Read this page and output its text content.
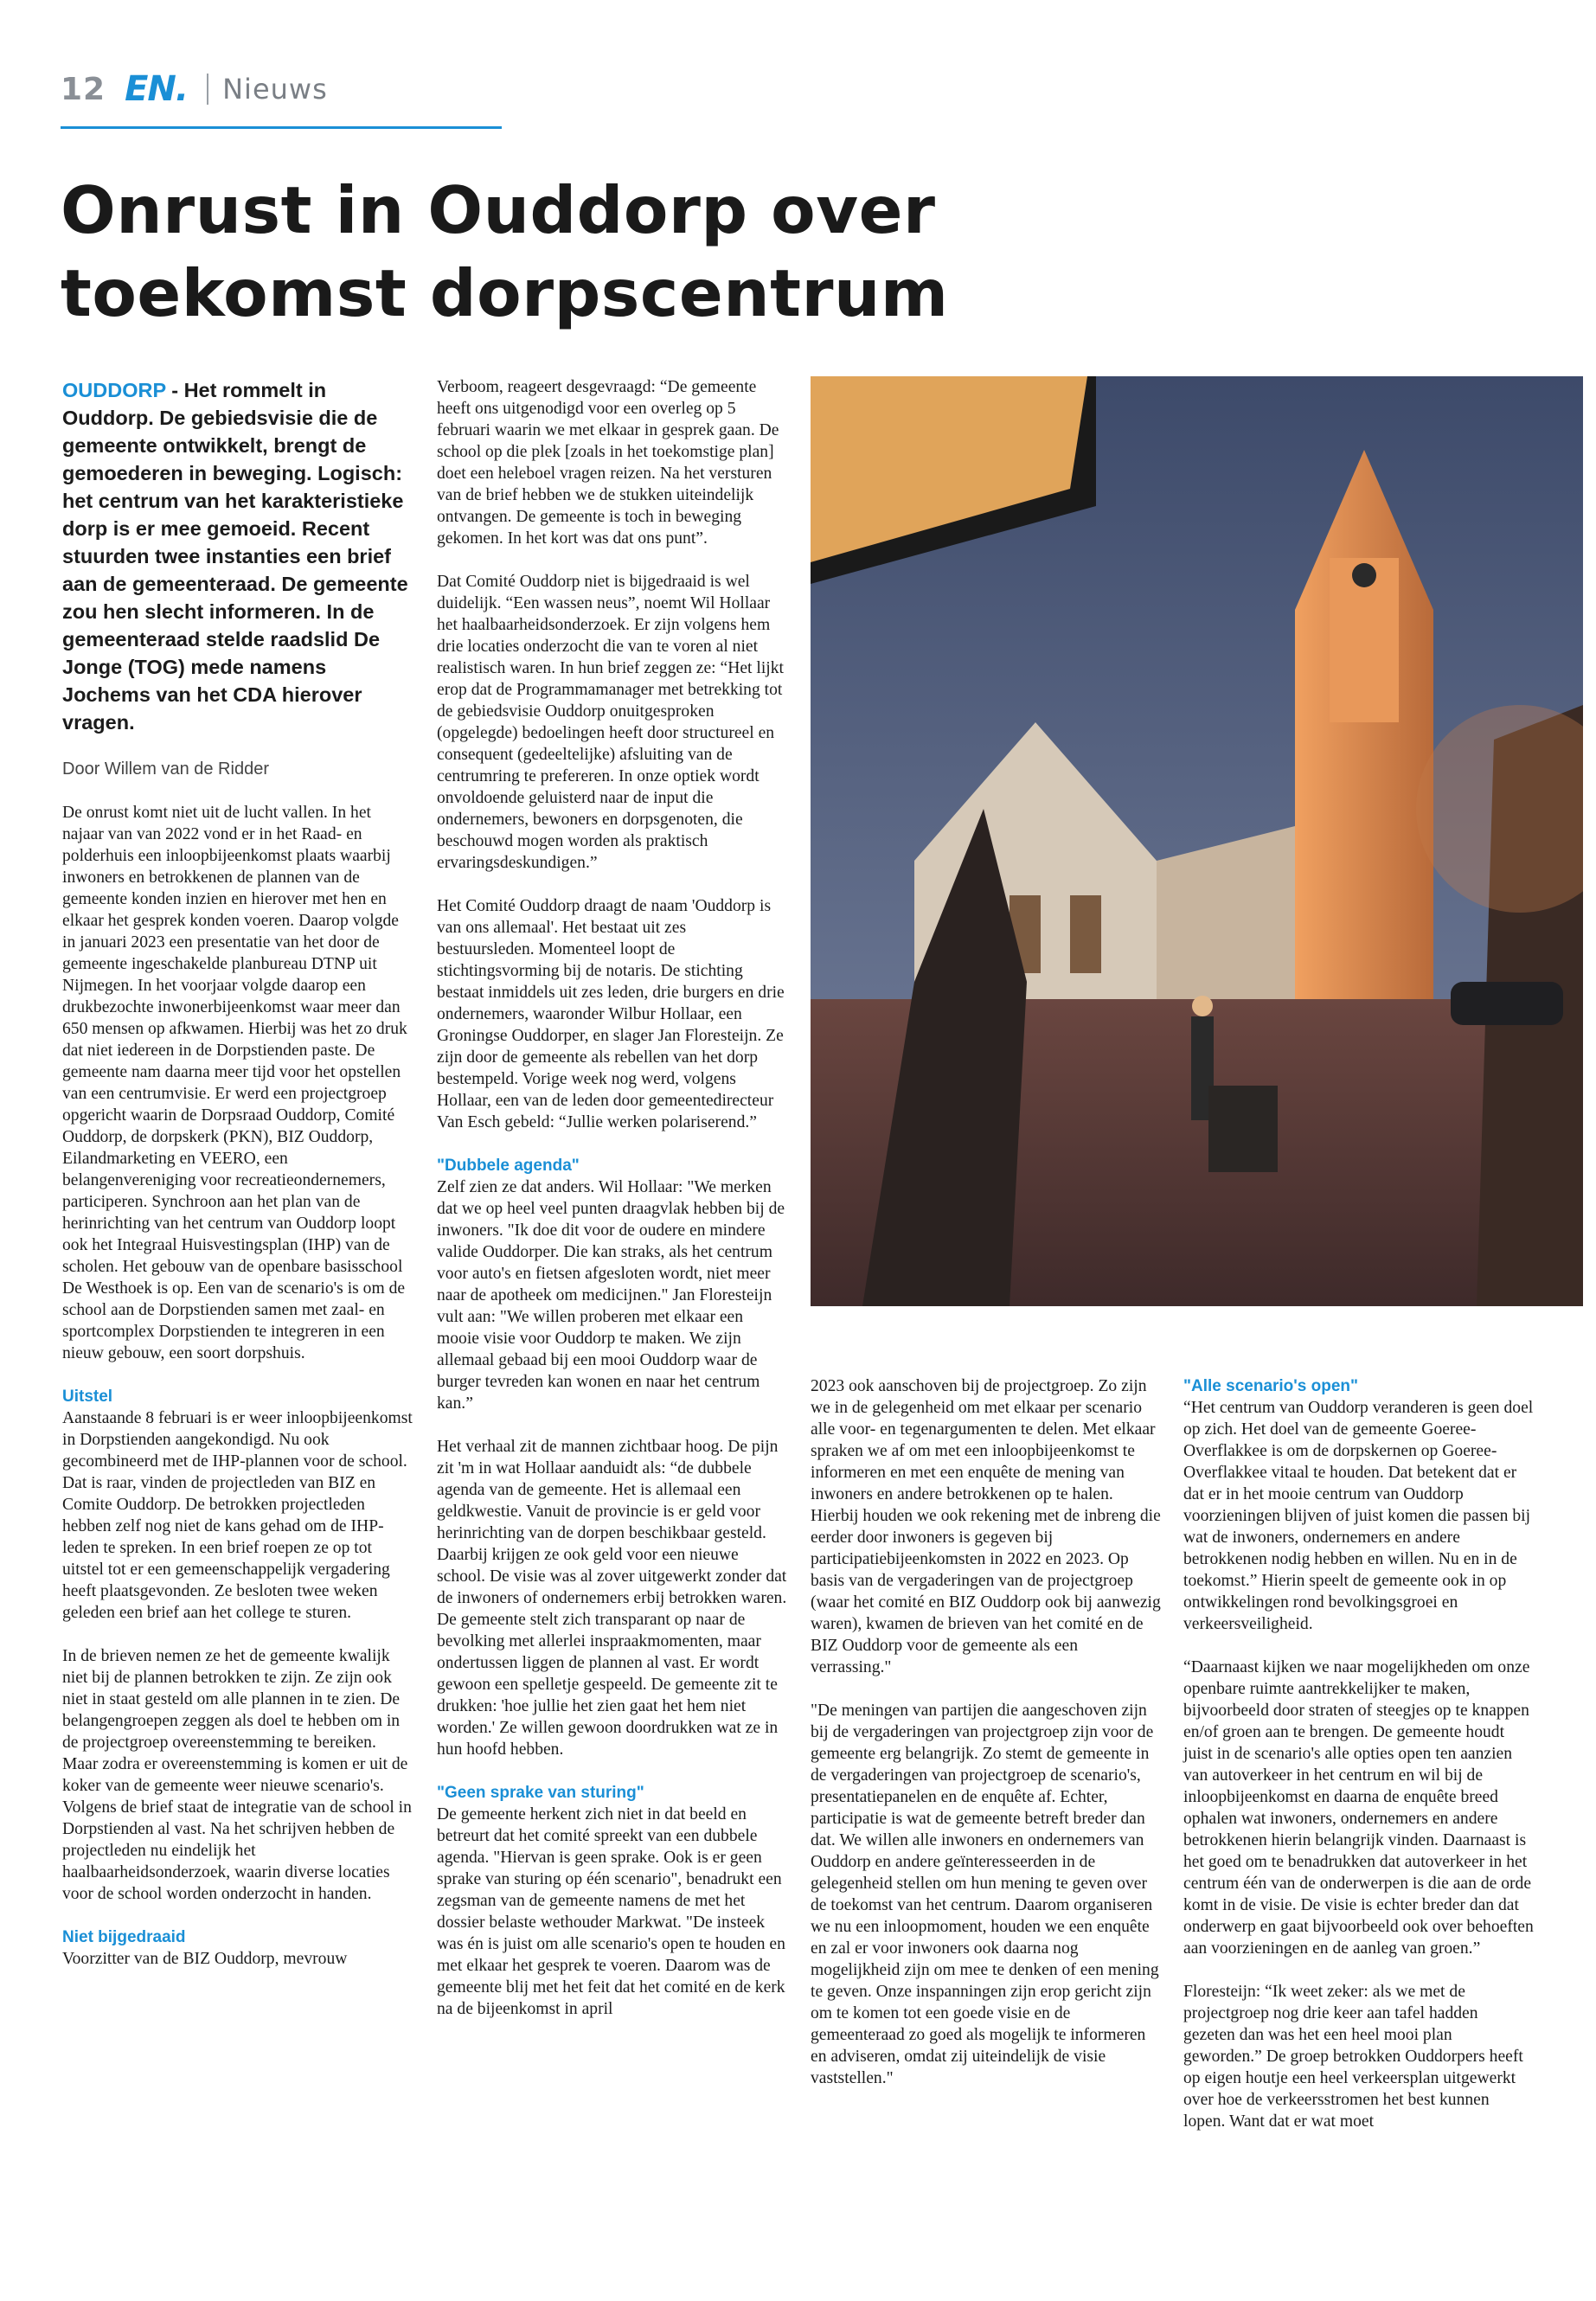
12 EN. Nieuws
Onrust in Ouddorp over
toekomst dorpscentrum
OUDDORP - Het rommelt in Ouddorp. De gebiedsvisie die de gemeente ontwikkelt, brengt de gemoederen in beweging. Logisch: het centrum van het karakteristieke dorp is er mee gemoeid. Recent stuurden twee instanties een brief aan de gemeenteraad. De gemeente zou hen slecht informeren. In de gemeenteraad stelde raadslid De Jonge (TOG) mede namens Jochems van het CDA hierover vragen.

Door Willem van de Ridder

De onrust komt niet uit de lucht vallen. In het najaar van van 2022 vond er in het Raad- en polderhuis een inloopbijeenkomst plaats waarbij inwoners en betrokkenen de plannen van de gemeente konden inzien en hierover met hen en elkaar het gesprek konden voeren. Daarop volgde in januari 2023 een presentatie van het door de gemeente ingeschakelde planbureau DTNP uit Nijmegen. In het voorjaar volgde daarop een drukbezochte inwonerbijeenkomst waar meer dan 650 mensen op afkwamen. Hierbij was het zo druk dat niet iedereen in de Dorpstienden paste. De gemeente nam daarna meer tijd voor het opstellen van een centrumvisie. Er werd een projectgroep opgericht waarin de Dorpsraad Ouddorp, Comité Ouddorp, de dorpskerk (PKN), BIZ Ouddorp, Eilandmarketing en VEERO, een belangenvereniging voor recreatieondernemers, participeren. Synchroon aan het plan van de herinrichting van het centrum van Ouddorp loopt ook het Integraal Huisvestingsplan (IHP) van de scholen. Het gebouw van de openbare basisschool De Westhoek is op. Een van de scenario's is om de school aan de Dorpstienden samen met zaal- en sportcomplex Dorpstienden te integreren in een nieuw gebouw, een soort dorpshuis.

Uitstel

Aanstaande 8 februari is er weer inloopbijeenkomst in Dorpstienden aangekondigd. Nu ook gecombineerd met de IHP-plannen voor de school. Dat is raar, vinden de projectleden van BIZ en Comite Ouddorp. De betrokken projectleden hebben zelf nog niet de kans gehad om de IHP-leden te spreken. In een brief roepen ze op tot uitstel tot er een gemeenschappelijk vergadering heeft plaatsgevonden. Ze besloten twee weken geleden een brief aan het college te sturen.

In de brieven nemen ze het de gemeente kwalijk niet bij de plannen betrokken te zijn. Ze zijn ook niet in staat gesteld om alle plannen in te zien. De belangengroepen zeggen als doel te hebben om in de projectgroep overeenstemming te bereiken. Maar zodra er overeenstemming is komen er uit de koker van de gemeente weer nieuwe scenario's. Volgens de brief staat de integratie van de school in Dorpstienden al vast. Na het schrijven hebben de projectleden nu eindelijk het haalbaarheidsonderzoek, waarin diverse locaties voor de school worden onderzocht in handen.

Niet bijgedraaid

Voorzitter van de BIZ Ouddorp, mevrouw

Verboom, reageert desgevraagd: “De gemeente heeft ons uitgenodigd voor een overleg op 5 februari waarin we met elkaar in gesprek gaan. De school op die plek [zoals in het toekomstige plan] doet een heleboel vragen reizen. Na het versturen van de brief hebben we de stukken uiteindelijk ontvangen. De gemeente is toch in beweging gekomen. In het kort was dat ons punt”.

Dat Comité Ouddorp niet is bijgedraaid is wel duidelijk. “Een wassen neus”, noemt Wil Hollaar het haalbaarheidsonderzoek. Er zijn volgens hem drie locaties onderzocht die van te voren al niet realistisch waren. In hun brief zeggen ze: “Het lijkt erop dat de Programmamanager met betrekking tot de gebiedsvisie Ouddorp onuitgesproken (opgelegde) bedoelingen heeft door structureel en consequent (gedeeltelijke) afsluiting van de centrumring te prefereren. In onze optiek wordt onvoldoende geluisterd naar de input die ondernemers, bewoners en dorpsgenoten, die beschouwd mogen worden als praktisch ervaringsdeskundigen.”

Het Comité Ouddorp draagt de naam 'Ouddorp is van ons allemaal'. Het bestaat uit zes bestuursleden. Momenteel loopt de stichtingsvorming bij de notaris. De stichting bestaat inmiddels uit zes leden, drie burgers en drie ondernemers, waaronder Wilbur Hollaar, een Groningse Ouddorper, en slager Jan Floresteijn. Ze zijn door de gemeente als rebellen van het dorp bestempeld. Vorige week nog werd, volgens Hollaar, een van de leden door gemeentedirecteur Van Esch gebeld: “Jullie werken polariserend.”

"Dubbele agenda"

Zelf zien ze dat anders. Wil Hollaar: "We merken dat we op heel veel punten draagvlak hebben bij de inwoners. "Ik doe dit voor de oudere en mindere valide Ouddorper. Die kan straks, als het centrum voor auto's en fietsen afgesloten wordt, niet meer naar de apotheek om medicijnen." Jan Floresteijn vult aan: "We willen proberen met elkaar een mooie visie voor Ouddorp te maken. We zijn allemaal gebaad bij een mooi Ouddorp waar de burger tevreden kan wonen en naar het centrum kan.”

Het verhaal zit de mannen zichtbaar hoog. De pijn zit 'm in wat Hollaar aanduidt als: “de dubbele agenda van de gemeente. Het is allemaal een geldkwestie. Vanuit de provincie is er geld voor herinrichting van de dorpen beschikbaar gesteld. Daarbij krijgen ze ook geld voor een nieuwe school. De visie was al zover uitgewerkt zonder dat de inwoners of ondernemers erbij betrokken waren. De gemeente stelt zich transparant op naar de bevolking met allerlei inspraakmomenten, maar ondertussen liggen de plannen al vast. Er wordt gewoon een spelletje gespeeld. De gemeente zit te drukken: 'hoe jullie het zien gaat het hem niet worden.' Ze willen gewoon doordrukken wat ze in hun hoofd hebben.

"Geen sprake van sturing"

De gemeente herkent zich niet in dat beeld en betreurt dat het comité spreekt van een dubbele agenda. "Hiervan is geen sprake. Ook is er geen sprake van sturing op één scenario", benadrukt een zegsman van de gemeente namens de met het dossier belaste wethouder Markwat. "De insteek was én is juist om alle scenario's open te houden en met elkaar het gesprek te voeren. Daarom was de gemeente blij met het feit dat het comité en de kerk na de bijeenkomst in april

2023 ook aanschoven bij de projectgroep. Zo zijn we in de gelegenheid om met elkaar per scenario alle voor- en tegenargumenten te delen. Met elkaar spraken we af om met een inloopbijeenkomst te informeren en met een enquête de mening van inwoners en andere betrokkenen op te halen. Hierbij houden we ook rekening met de inbreng die eerder door inwoners is gegeven bij participatiebijeenkomsten in 2022 en 2023. Op basis van de vergaderingen van de projectgroep (waar het comité en BIZ Ouddorp ook bij aanwezig waren), kwamen de brieven van het comité en de BIZ Ouddorp voor de gemeente als een verrassing."

"De meningen van partijen die aangeschoven zijn bij de vergaderingen van projectgroep zijn voor de gemeente erg belangrijk. Zo stemt de gemeente in de vergaderingen van projectgroep de scenario's, presentatiepanelen en de enquête af. Echter, participatie is wat de gemeente betreft breder dan dat. We willen alle inwoners en ondernemers van Ouddorp en andere geïnteresseerden in de gelegenheid stellen om hun mening te geven over de toekomst van het centrum. Daarom organiseren we nu een inloopmoment, houden we een enquête en zal er voor inwoners ook daarna nog mogelijkheid zijn om mee te denken of een mening te geven. Onze inspanningen zijn erop gericht zijn om te komen tot een goede visie en de gemeenteraad zo goed als mogelijk te informeren en adviseren, omdat zij uiteindelijk de visie vaststellen."

"Alle scenario's open"

“Het centrum van Ouddorp veranderen is geen doel op zich. Het doel van de gemeente Goeree-Overflakkee is om de dorpskernen op Goeree-Overflakkee vitaal te houden. Dat betekent dat er dat er in het mooie centrum van Ouddorp voorzieningen blijven of juist komen die passen bij wat de inwoners, ondernemers en andere betrokkenen nodig hebben en willen. Nu en in de toekomst.” Hierin speelt de gemeente ook in op ontwikkelingen rond bevolkingsgroei en verkeersveiligheid.

“Daarnaast kijken we naar mogelijkheden om onze openbare ruimte aantrekkelijker te maken, bijvoorbeeld door straten of steegjes op te knappen en/of groen aan te brengen. De gemeente houdt juist in de scenario's alle opties open ten aanzien van autoverkeer in het centrum en wil bij de inloopbijeenkomst en daarna de enquête breed ophalen wat inwoners, ondernemers en andere betrokkenen hierin belangrijk vinden. Daarnaast is het goed om te benadrukken dat autoverkeer in het centrum één van de onderwerpen is die aan de orde komt in de visie. De visie is echter breder dan dat onderwerp en gaat bijvoorbeeld ook over behoeften aan voorzieningen en de aanleg van groen.”

Floresteijn: “Ik weet zeker: als we met de projectgroep nog drie keer aan tafel hadden gezeten dan was het een heel mooi plan geworden.” De groep betrokken Ouddorpers heeft op eigen houtje een heel verkeersplan uitgewerkt over hoe de verkeersstromen het best kunnen lopen. Want dat er wat moet
